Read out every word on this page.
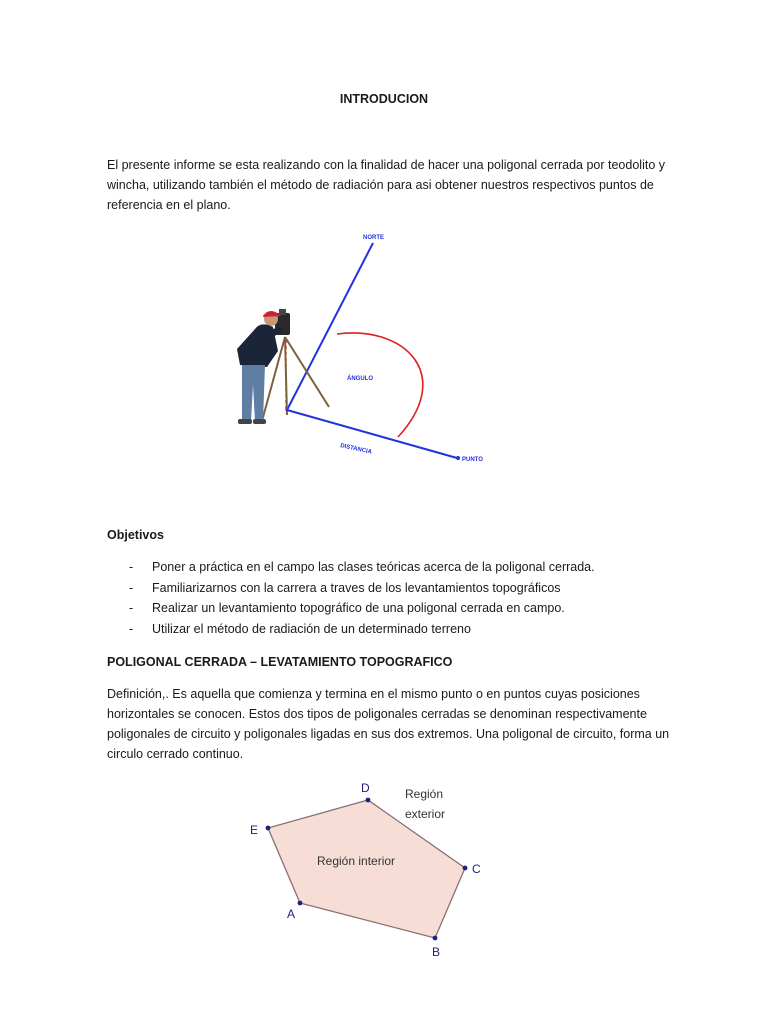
INTRODUCION
El presente informe se esta realizando con la finalidad de hacer una poligonal cerrada por teodolito y wincha, utilizando también el método de radiación para asi obtener nuestros respectivos puntos de referencia en el plano.
NORTE
PUNTO
DISTANCIA
ÁNGULO
Objetivos
- Poner a práctica en el campo las clases teóricas acerca de la poligonal cerrada.
- Familiarizarnos con la carrera a traves de los levantamientos topográficos
- Realizar un levantamiento topográfico de una poligonal cerrada en campo.
- Utilizar el método de radiación de un determinado terreno
POLIGONAL CERRADA – LEVATAMIENTO TOPOGRAFICO
Definición,. Es aquella que comienza y termina en el mismo punto o en puntos cuyas posiciones horizontales se conocen. Estos dos tipos de poligonales cerradas se denominan respectivamente poligonales de circuito y poligonales ligadas en sus dos extremos. Una poligonal de circuito, forma un circulo cerrado continuo.
A
B
C
D
E
Región interior
Región
exterior
